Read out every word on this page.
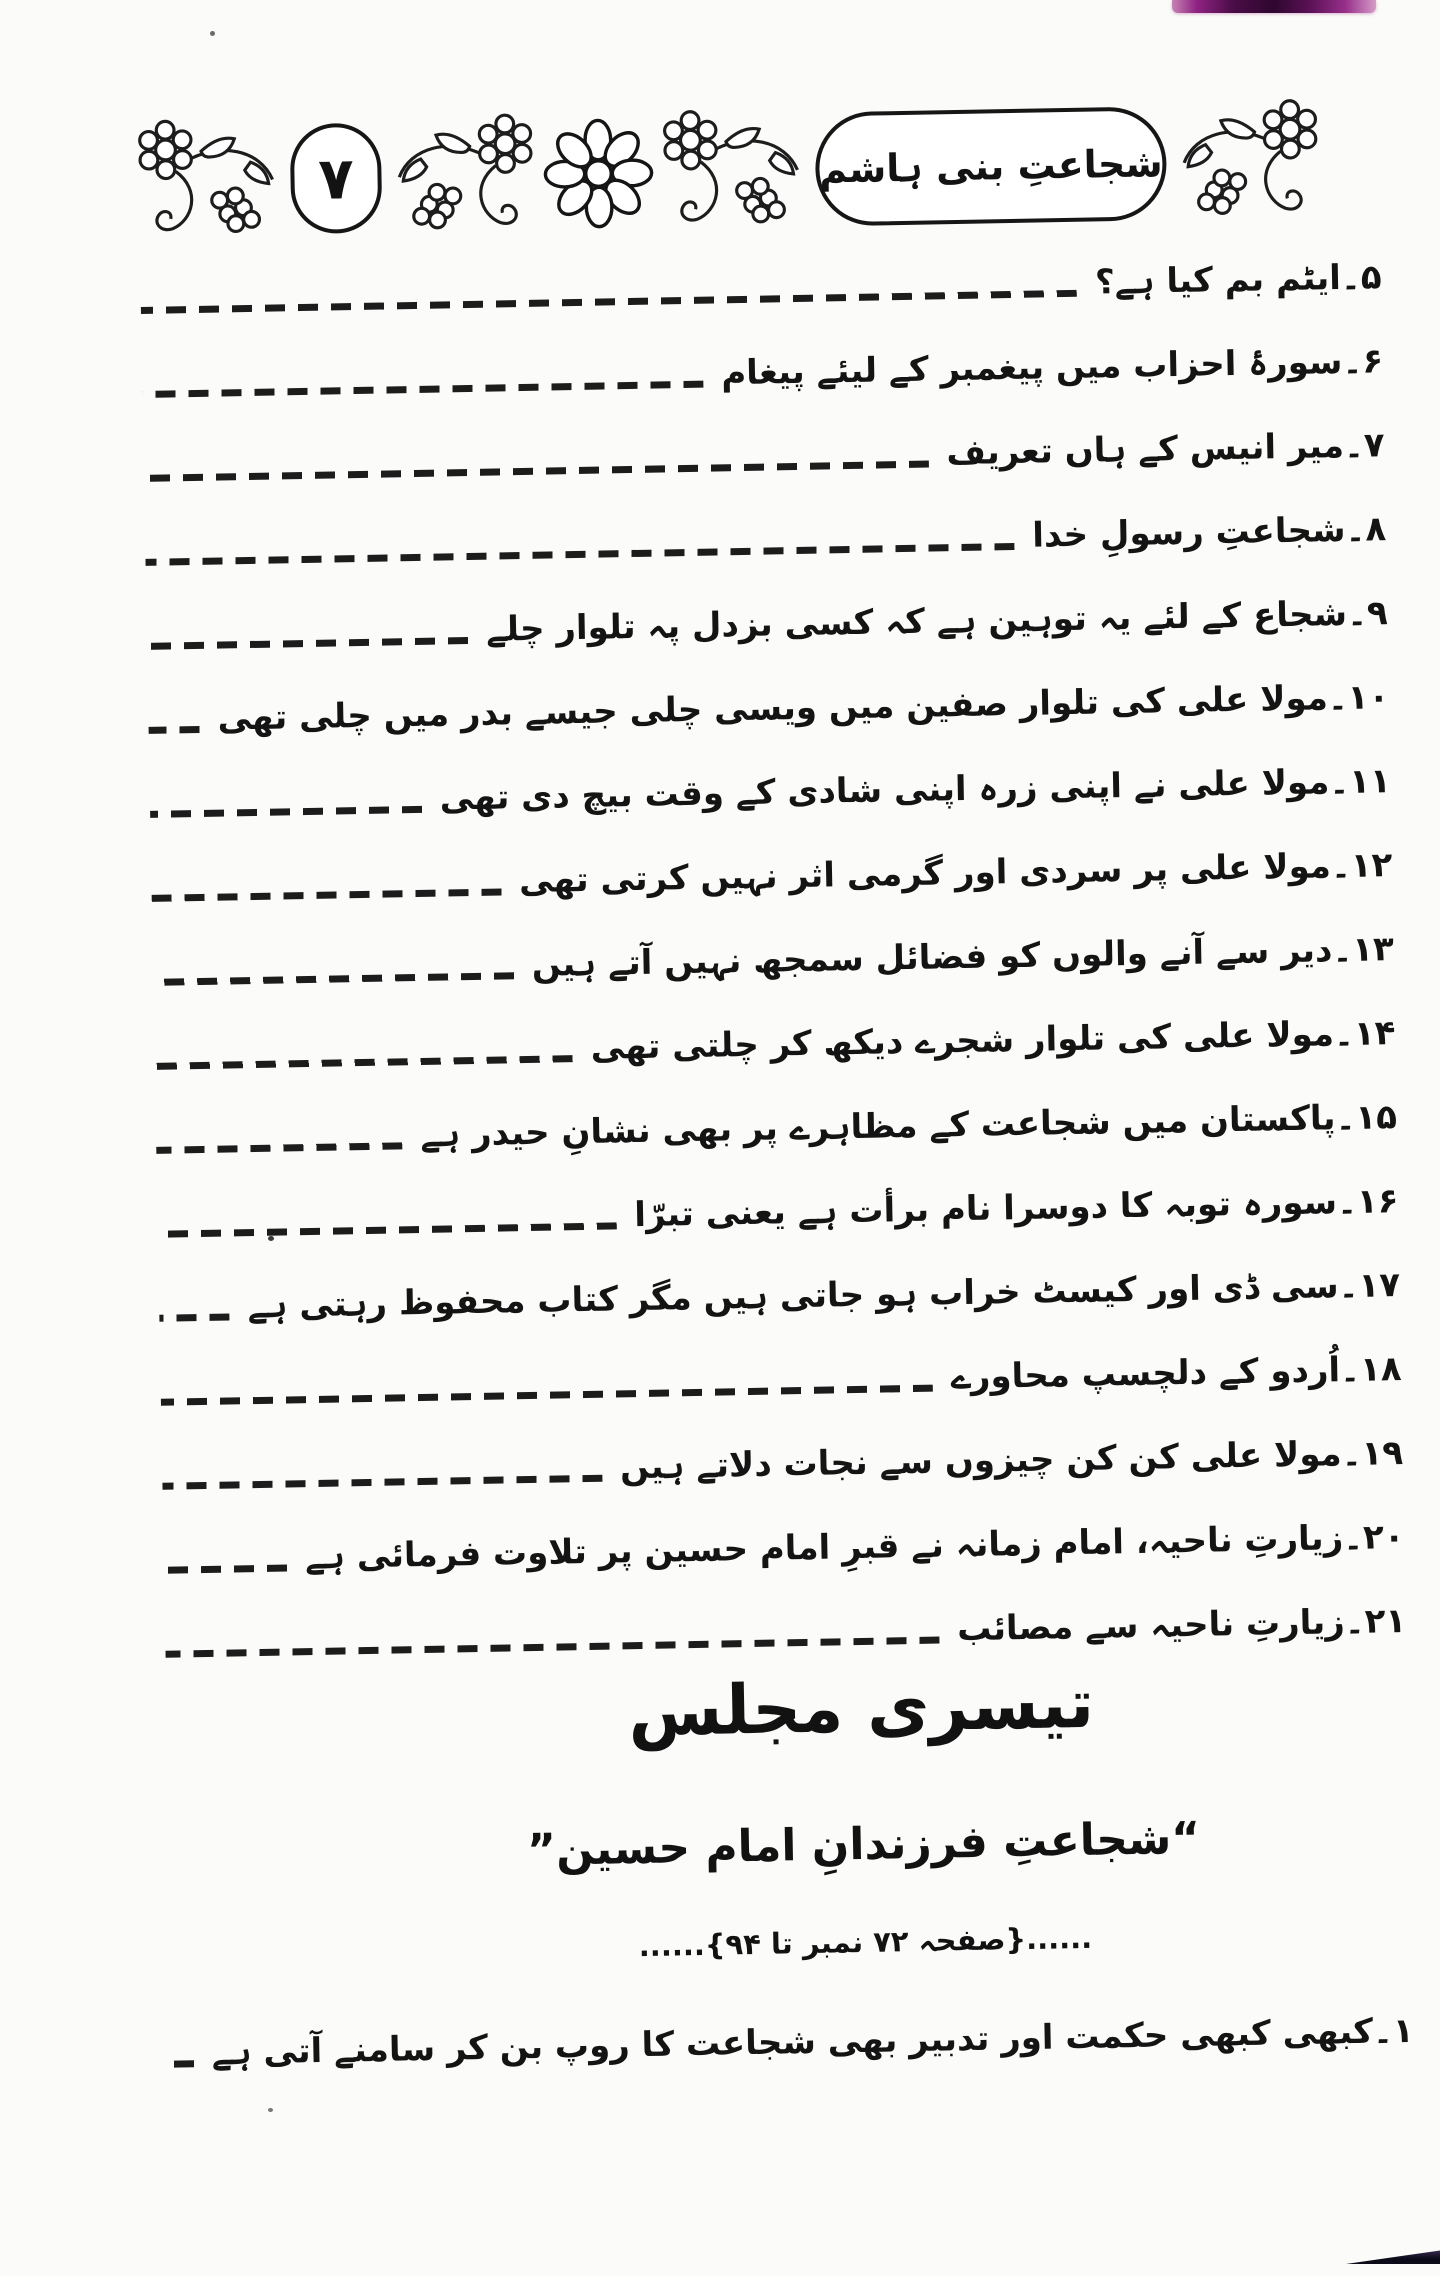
۷	شجاعتِ بنی ہاشم
۵۔ایٹم بم کیا ہے؟
۶۔سورۂ احزاب میں پیغمبر کے لیئے پیغام
۷۔میر انیس کے ہاں تعریف
۸۔شجاعتِ رسولِ خدا
۹۔شجاع کے لئے یہ توہین ہے کہ کسی بزدل پہ تلوار چلے
۱۰۔مولا علی کی تلوار صفین میں ویسی چلی جیسے بدر میں چلی تھی
۱۱۔مولا علی نے اپنی زرہ اپنی شادی کے وقت بیچ دی تھی
۱۲۔مولا علی پر سردی اور گرمی اثر نہیں کرتی تھی
۱۳۔دیر سے آنے والوں کو فضائل سمجھ نہیں آتے ہیں
۱۴۔مولا علی کی تلوار شجرے دیکھ کر چلتی تھی
۱۵۔پاکستان میں شجاعت کے مظاہرے پر بھی نشانِ حیدر ہے
۱۶۔سورہ توبہ کا دوسرا نام برأت ہے یعنی تبرّا
۱۷۔سی ڈی اور کیسٹ خراب ہو جاتی ہیں مگر کتاب محفوظ رہتی ہے
۱۸۔اُردو کے دلچسپ محاورے
۱۹۔مولا علی کن کن چیزوں سے نجات دلاتے ہیں
۲۰۔زیارتِ ناحیہ، امام زمانہ نے قبرِ امام حسین پر تلاوت فرمائی ہے
۲۱۔زیارتِ ناحیہ سے مصائب
تیسری مجلس
“شجاعتِ فرزندانِ امام حسین”
......{صفحہ ۷۲ نمبر تا ۹۴}......
۱۔کبھی کبھی حکمت اور تدبیر بھی شجاعت کا روپ بن کر سامنے آتی ہے
